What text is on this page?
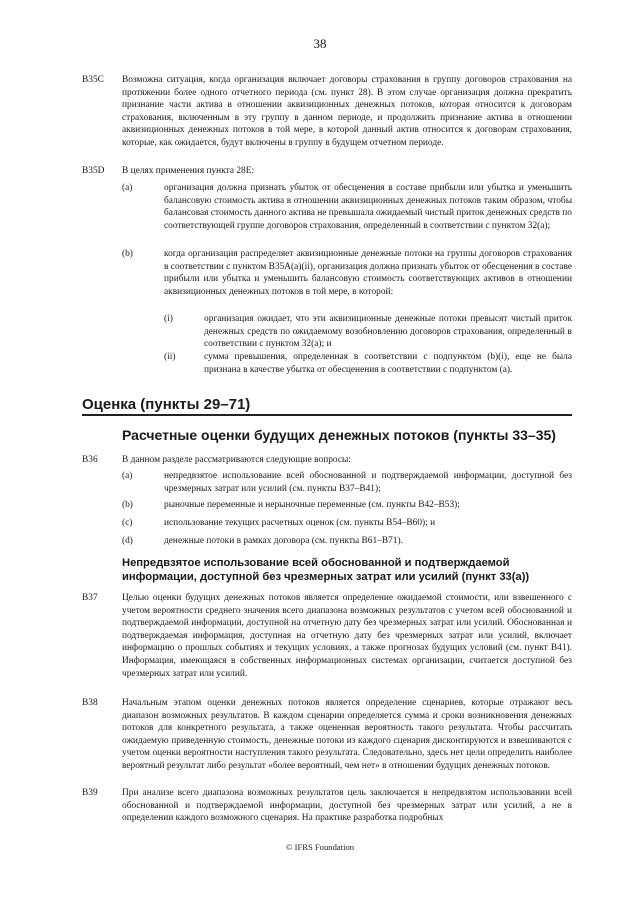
38
B35C Возможна ситуация, когда организация включает договоры страхования в группу договоров страхования на протяжении более одного отчетного периода (см. пункт 28). В этом случае организация должна прекратить признание части актива в отношении аквизиционных денежных потоков, которая относится к договорам страхования, включенным в эту группу в данном периоде, и продолжить признание актива в отношении аквизиционных денежных потоков в той мере, в которой данный актив относится к договорам страхования, которые, как ожидается, будут включены в группу в будущем отчетном периоде.
B35D В целях применения пункта 28E:
(a)	организация должна признать убыток от обесценения в составе прибыли или убытка и уменьшить балансовую стоимость актива в отношении аквизиционных денежных потоков таким образом, чтобы балансовая стоимость данного актива не превышала ожидаемый чистый приток денежных средств по соответствующей группе договоров страхования, определенный в соответствии с пунктом 32(a);
(b)	когда организация распределяет аквизиционные денежные потоки на группы договоров страхования в соответствии с пунктом B35A(a)(ii), организация должна признать убыток от обесценения в составе прибыли или убытка и уменьшить балансовую стоимость соответствующих активов в отношении аквизиционных денежных потоков в той мере, в которой:
(i)	организация ожидает, что эти аквизиционные денежные потоки превысят чистый приток денежных средств по ожидаемому возобновлению договоров страхования, определенный в соответствии с пунктом 32(a); и
(ii)	сумма превышения, определенная в соответствии с подпунктом (b)(i), еще не была признана в качестве убытка от обесценения в соответствии с подпунктом (a).
Оценка (пункты 29–71)
Расчетные оценки будущих денежных потоков (пункты 33–35)
B36	В данном разделе рассматриваются следующие вопросы:
(a)	непредвзятое использование всей обоснованной и подтверждаемой информации, доступной без чрезмерных затрат или усилий (см. пункты B37–B41);
(b)	рыночные переменные и нерыночные переменные (см. пункты B42–B53);
(c)	использование текущих расчетных оценок (см. пункты B54–B60); и
(d)	денежные потоки в рамках договора (см. пункты B61–B71).
Непредвзятое использование всей обоснованной и подтверждаемой информации, доступной без чрезмерных затрат или усилий (пункт 33(a))
B37	Целью оценки будущих денежных потоков является определение ожидаемой стоимости, или взвешенного с учетом вероятности среднего значения всего диапазона возможных результатов с учетом всей обоснованной и подтверждаемой информации, доступной на отчетную дату без чрезмерных затрат или усилий. Обоснованная и подтверждаемая информация, доступная на отчетную дату без чрезмерных затрат или усилий, включает информацию о прошлых событиях и текущих условиях, а также прогнозах будущих условий (см. пункт B41). Информация, имеющаяся в собственных информационных системах организации, считается доступной без чрезмерных затрат или усилий.
B38	Начальным этапом оценки денежных потоков является определение сценариев, которые отражают весь диапазон возможных результатов. В каждом сценарии определяется сумма и сроки возникновения денежных потоков для конкретного результата, а также оцененная вероятность такого результата. Чтобы рассчитать ожидаемую приведенную стоимость, денежные потоки из каждого сценария дисконтируются и взвешиваются с учетом оценки вероятности наступления такого результата. Следовательно, здесь нет цели определить наиболее вероятный результат либо результат «более вероятный, чем нет» в отношении будущих денежных потоков.
B39	При анализе всего диапазона возможных результатов цель заключается в непредвзятом использовании всей обоснованной и подтверждаемой информации, доступной без чрезмерных затрат или усилий, а не в определении каждого возможного сценария. На практике разработка подробных
© IFRS Foundation
